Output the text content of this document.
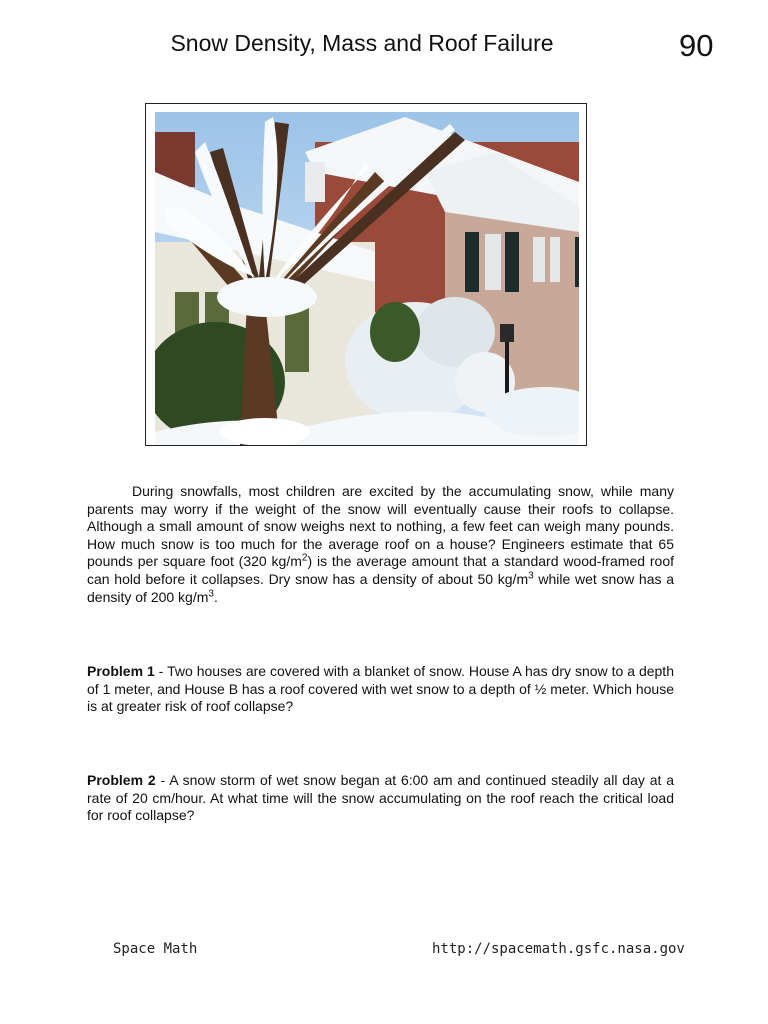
Snow Density, Mass and Roof Failure	90
During snowfalls, most children are excited by the accumulating snow, while many parents may worry if the weight of the snow will eventually cause their roofs to collapse. Although a small amount of snow weighs next to nothing, a few feet can weigh many pounds. How much snow is too much for the average roof on a house? Engineers estimate that 65 pounds per square foot (320 $kg/m^2$) is the average amount that a standard wood-framed roof can hold before it collapses. Dry snow has a density of about 50 $kg/m^3$ while wet snow has a density of 200 $kg/m^3$.
Problem 1 - Two houses are covered with a blanket of snow. House A has dry snow to a depth of 1 meter, and House B has a roof covered with wet snow to a depth of ½ meter. Which house is at greater risk of roof collapse?
Problem 2 - A snow storm of wet snow began at 6:00 am and continued steadily all day at a rate of 20 cm/hour. At what time will the snow accumulating on the roof reach the critical load for roof collapse?
Space Math	http://spacemath.gsfc.nasa.gov
